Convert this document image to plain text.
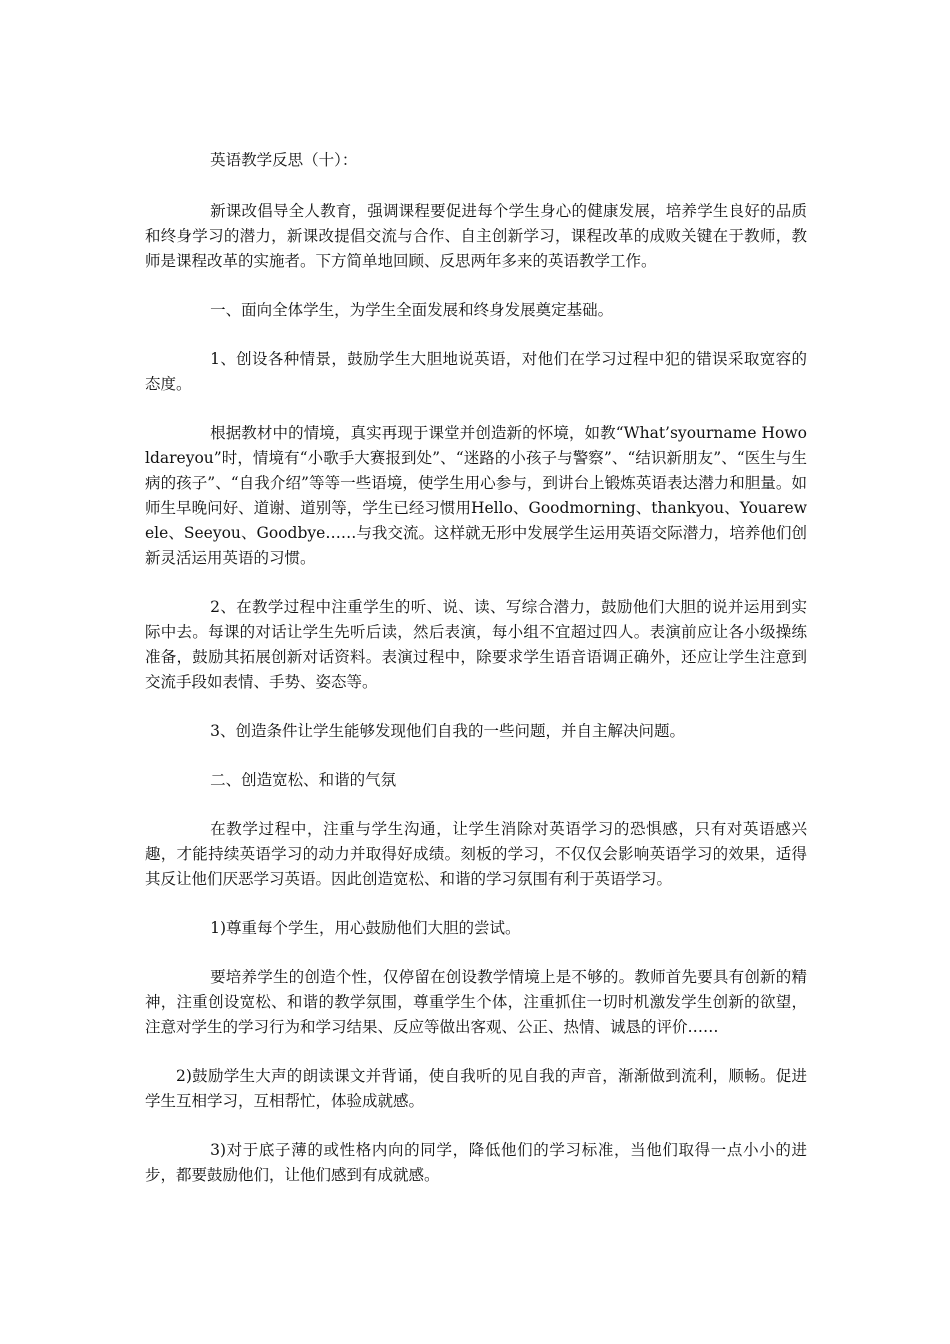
英语教学反思（十）：

新课改倡导全人教育，强调课程要促进每个学生身心的健康发展，培养学生良好的品质和终身学习的潜力，新课改提倡交流与合作、自主创新学习，课程改革的成败关键在于教师，教师是课程改革的实施者。下方简单地回顾、反思两年多来的英语教学工作。

一、面向全体学生，为学生全面发展和终身发展奠定基础。

1、创设各种情景，鼓励学生大胆地说英语，对他们在学习过程中犯的错误采取宽容的态度。

根据教材中的情境，真实再现于课堂并创造新的怀境，如教“What’syourname Howoldareyou”时，情境有“小歌手大赛报到处”、“迷路的小孩子与警察”、“结识新朋友”、“医生与生病的孩子”、“自我介绍”等等一些语境，使学生用心参与，到讲台上锻炼英语表达潜力和胆量。如师生早晚问好、道谢、道别等，学生已经习惯用Hello、Goodmorning、thankyou、Youarewele、Seeyou、Goodbye……与我交流。这样就无形中发展学生运用英语交际潜力，培养他们创新灵活运用英语的习惯。

2、在教学过程中注重学生的听、说、读、写综合潜力，鼓励他们大胆的说并运用到实际中去。每课的对话让学生先听后读，然后表演，每小组不宜超过四人。表演前应让各小级操练准备，鼓励其拓展创新对话资料。表演过程中，除要求学生语音语调正确外，还应让学生注意到交流手段如表情、手势、姿态等。

3、创造条件让学生能够发现他们自我的一些问题，并自主解决问题。

二、创造宽松、和谐的气氛

在教学过程中，注重与学生沟通，让学生消除对英语学习的恐惧感，只有对英语感兴趣，才能持续英语学习的动力并取得好成绩。刻板的学习，不仅仅会影响英语学习的效果，适得其反让他们厌恶学习英语。因此创造宽松、和谐的学习氛围有利于英语学习。

1)尊重每个学生，用心鼓励他们大胆的尝试。

要培养学生的创造个性，仅停留在创设教学情境上是不够的。教师首先要具有创新的精神，注重创设宽松、和谐的教学氛围，尊重学生个体，注重抓住一切时机激发学生创新的欲望，注意对学生的学习行为和学习结果、反应等做出客观、公正、热情、诚恳的评价……

2)鼓励学生大声的朗读课文并背诵，使自我听的见自我的声音，渐渐做到流利，顺畅。促进学生互相学习，互相帮忙，体验成就感。

3)对于底子薄的或性格内向的同学，降低他们的学习标准，当他们取得一点小小的进步，都要鼓励他们，让他们感到有成就感。
